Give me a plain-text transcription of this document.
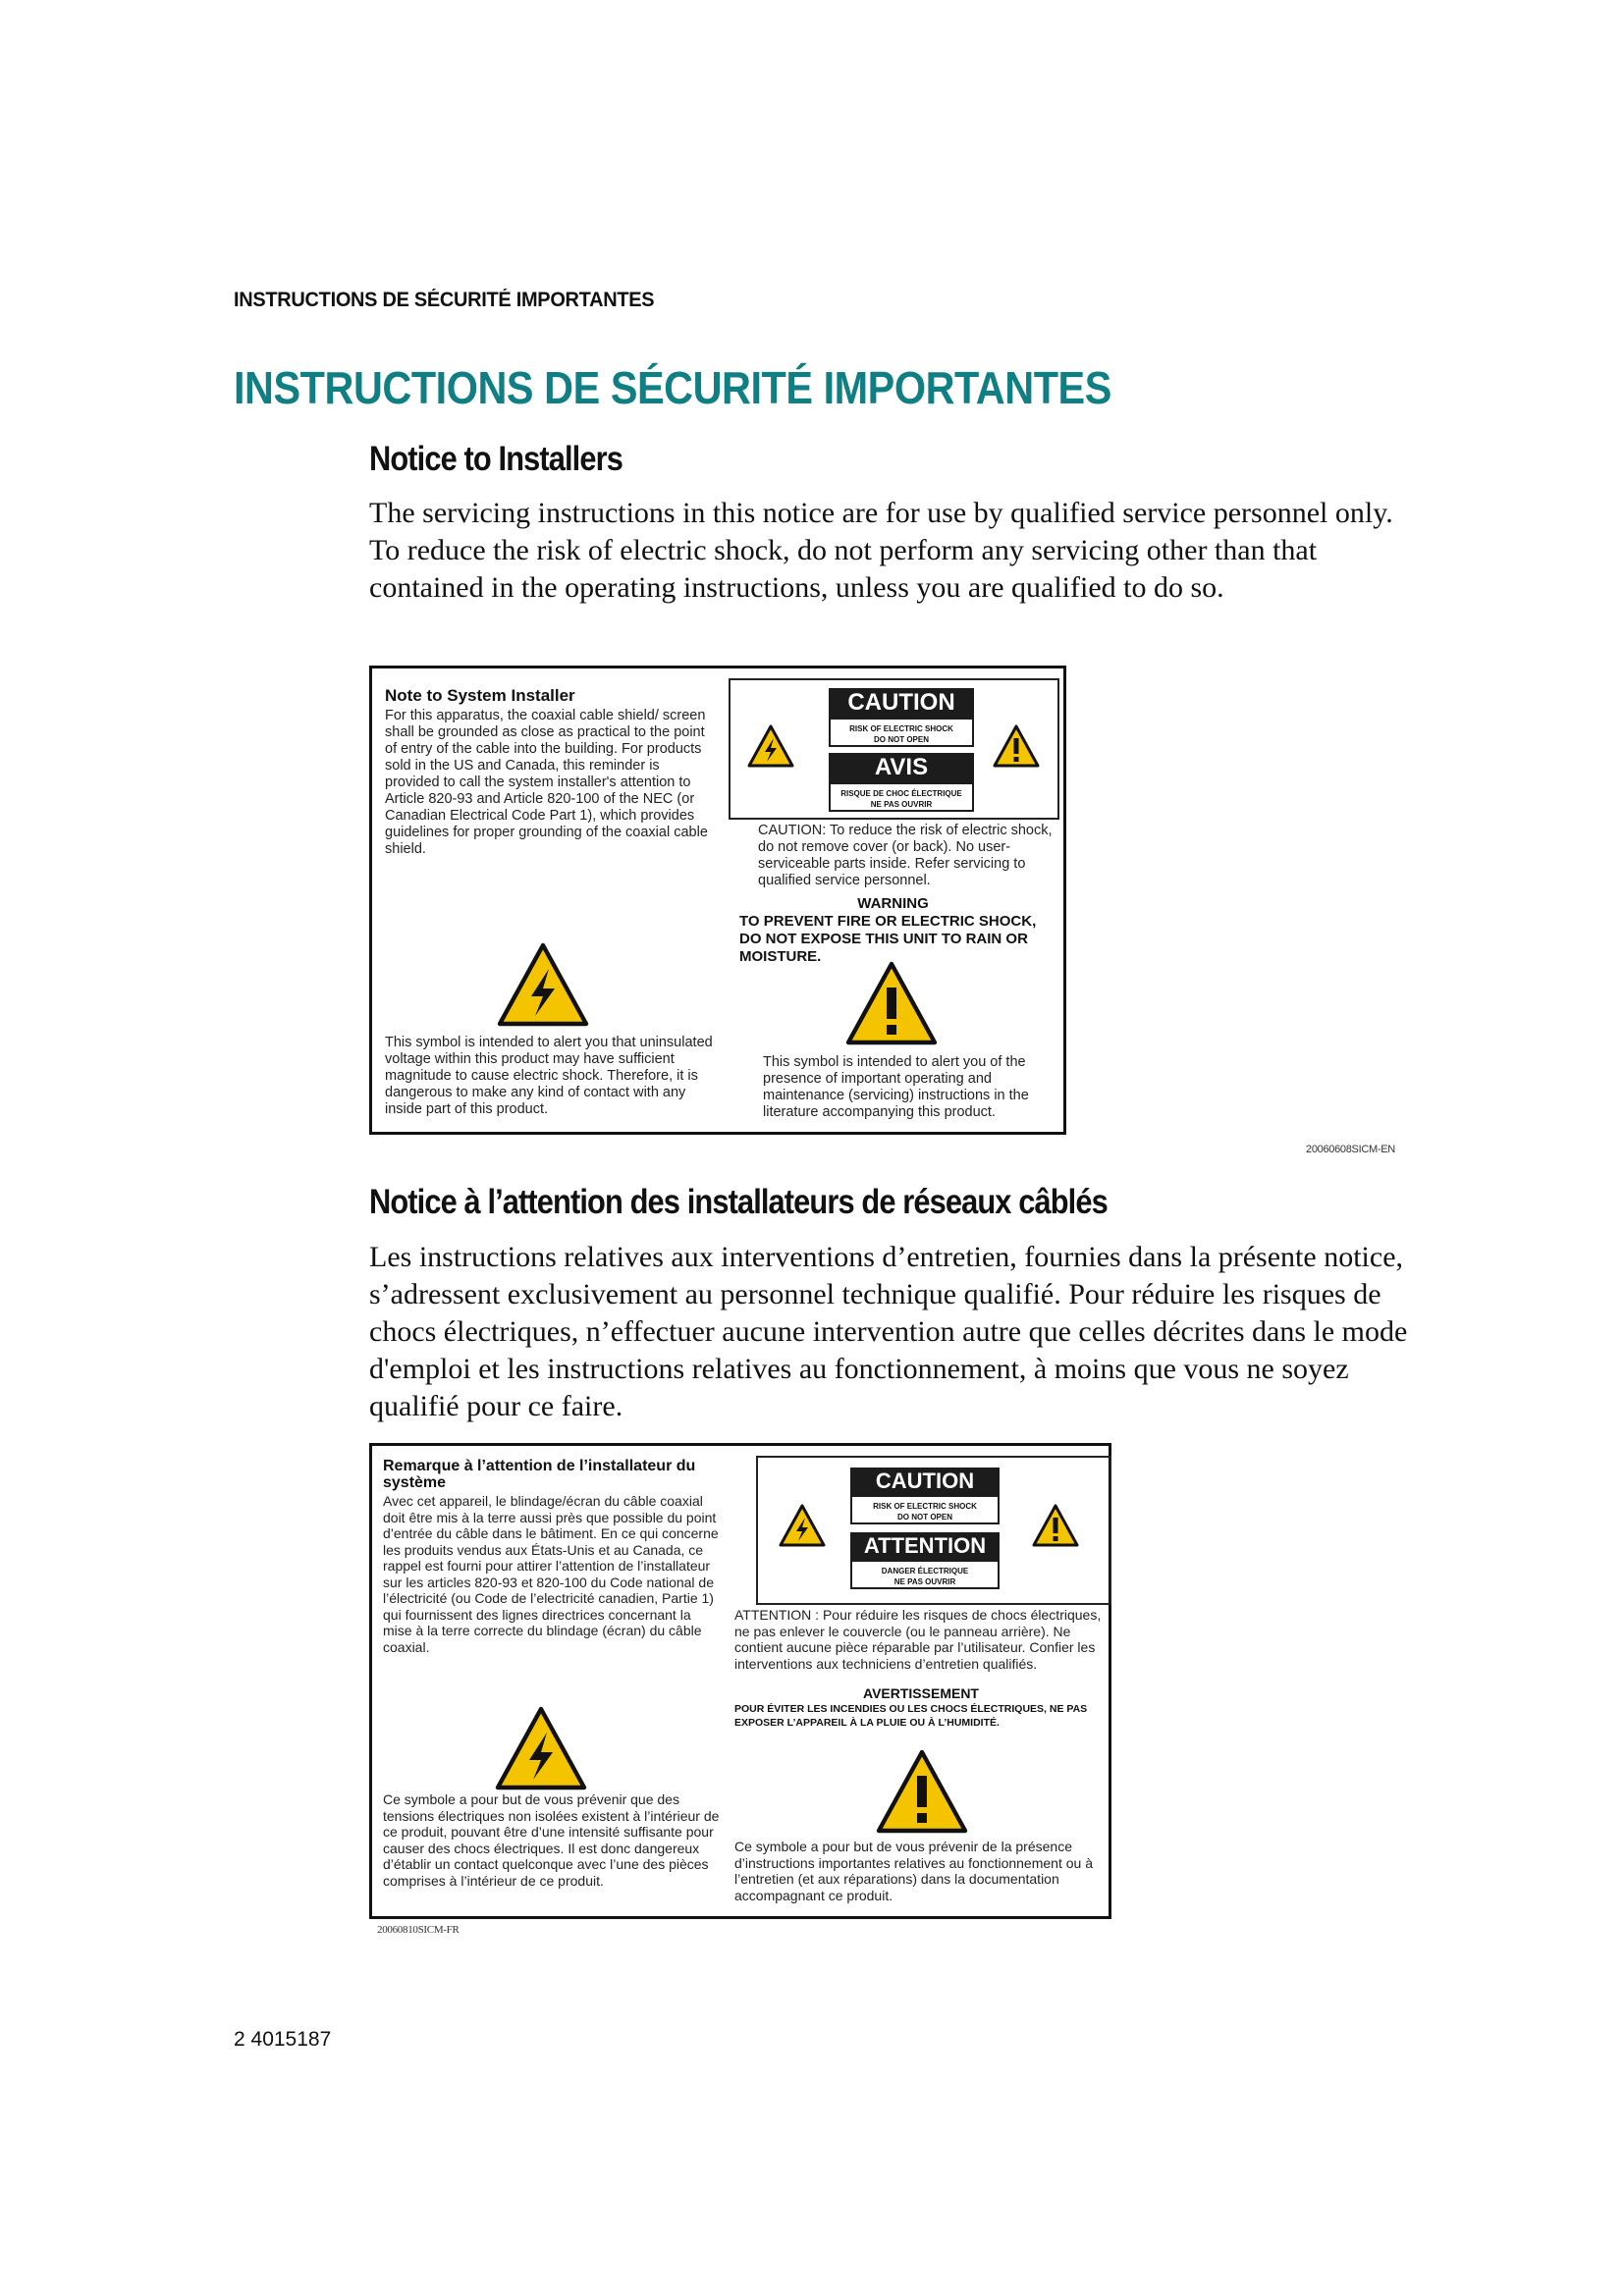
INSTRUCTIONS DE SÉCURITÉ IMPORTANTES
INSTRUCTIONS DE SÉCURITÉ IMPORTANTES
Notice to Installers

The servicing instructions in this notice are for use by qualified service personnel only. To reduce the risk of electric shock, do not perform any servicing other than that contained in the operating instructions, unless you are qualified to do so.

Note to System Installer

For this apparatus, the coaxial cable shield/ screen shall be grounded as close as practical to the point of entry of the cable into the building. For products sold in the US and Canada, this reminder is provided to call the system installer's attention to Article 820-93 and Article 820-100 of the NEC (or Canadian Electrical Code Part 1), which provides guidelines for proper grounding of the coaxial cable shield.

CAUTION
RISK OF ELECTRIC SHOCK
DO NOT OPEN
AVIS
RISQUE DE CHOC ÉLECTRIQUE
NE PAS OUVRIR

CAUTION: To reduce the risk of electric shock, do not remove cover (or back). No user-serviceable parts inside. Refer servicing to qualified service personnel.

WARNING

TO PREVENT FIRE OR ELECTRIC SHOCK, DO NOT EXPOSE THIS UNIT TO RAIN OR MOISTURE.

This symbol is intended to alert you that uninsulated voltage within this product may have sufficient magnitude to cause electric shock. Therefore, it is dangerous to make any kind of contact with any inside part of this product.

This symbol is intended to alert you of the presence of important operating and maintenance (servicing) instructions in the literature accompanying this product.

20060608SICM-EN
Notice à l’attention des installateurs de réseaux câblés

Les instructions relatives aux interventions d’entretien, fournies dans la présente notice, s’adressent exclusivement au personnel technique qualifié. Pour réduire les risques de chocs électriques, n’effectuer aucune intervention autre que celles décrites dans le mode d'emploi et les instructions relatives au fonctionnement, à moins que vous ne soyez qualifié pour ce faire.

Remarque à l’attention de l’installateur du système

Avec cet appareil, le blindage/écran du câble coaxial doit être mis à la terre aussi près que possible du point d’entrée du câble dans le bâtiment. En ce qui concerne les produits vendus aux États-Unis et au Canada, ce rappel est fourni pour attirer l’attention de l’installateur sur les articles 820-93 et 820-100 du Code national de l’électricité (ou Code de l’electricité canadien, Partie 1) qui fournissent des lignes directrices concernant la mise à la terre correcte du blindage (écran) du câble coaxial.

CAUTION
RISK OF ELECTRIC SHOCK
DO NOT OPEN
ATTENTION
DANGER ÉLECTRIQUE
NE PAS OUVRIR

ATTENTION : Pour réduire les risques de chocs électriques, ne pas enlever le couvercle (ou le panneau arrière). Ne contient aucune pièce réparable par l’utilisateur. Confier les interventions aux techniciens d’entretien qualifiés.

AVERTISSEMENT

POUR ÉVITER LES INCENDIES OU LES CHOCS ÉLECTRIQUES, NE PAS EXPOSER L’APPAREIL À LA PLUIE OU À L’HUMIDITÉ.

Ce symbole a pour but de vous prévenir que des tensions électriques non isolées existent à l’intérieur de ce produit, pouvant être d’une intensité suffisante pour causer des chocs électriques. Il est donc dangereux d’établir un contact quelconque avec l’une des pièces comprises à l’intérieur de ce produit.

Ce symbole a pour but de vous prévenir de la présence d’instructions importantes relatives au fonctionnement ou à l’entretien (et aux réparations) dans la documentation accompagnant ce produit.

20060810SICM-FR
2 4015187
